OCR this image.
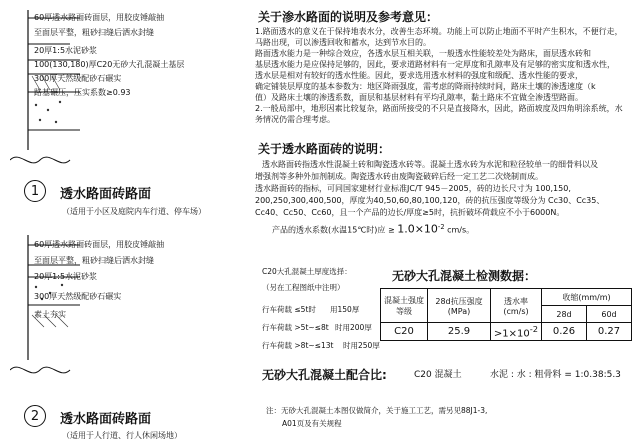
60厚透水路面砖面层，用胶皮锤敲抽
至面层平整，粗砂扫缝后洒水封缝
20厚1:5水泥砂浆
100(130,180)厚C20无砂大孔混凝土基层
300厚天然级配砂石碾实
路基碾压，压实系数≥0.93
1	透水路面砖路面
（适用于小区及庭院内车行道、停车场）
60厚透水路面砖面层，用胶皮锤敲抽
至面层平整，粗砂扫缝后洒水封缝
20厚1:5水泥砂浆
300厚天然级配砂石碾实
素土夯实
2	透水路面砖路面
（适用于人行道、行人休闲场地）
关于渗水路面的说明及参考意见：
1.路面透水的意义在于保持地表水分，改善生态环境。功能上可以防止地面不平时产生积水，不便行走，
马路出现，可以渗透回收和蓄水，达到节水目的。
路面透水能力是一种综合效应，各透水层互相关联，一般透水性能较差处为路床，面层透水砖和
基层透水能力是应保持足够的，因此，要求道路材料有一定厚度和孔隙率及有足够的密实度和透水性，
透水层是相对有较好的透水性能。因此，要求选用透水材料的强度和级配、透水性能的要求，
确定铺装层厚度的基本参数为：地区降雨强度，需考虑的降雨持续时间，路床土壤的渗透速度（k
值）及路床土壤的渗透系数，面层和基层材料有平均孔隙率，黏土路床不宜做全渗透型路面。
2.一般局部中，地形因素比较复杂，路面所接受的不只是直接降水，因此，路面坡度及四角明涂系统，水
务情况仍需合理考虑。
关于透水路面砖的说明：
透水路面砖指透水性混凝土砖和陶瓷透水砖等。混凝土透水砖为水泥和粒径较单一的细骨料以及
增强剂等多种外加剂制成。陶瓷透水砖由废陶瓷破碎后经一定工艺二次烧制而成。
透水路面砖的指标，可同国家建材行业标准JC/T 945－2005，砖的边长尺寸为 100,150,
200,250,300,400,500，厚度为40,50,60,80,100,120，砖的抗压强度等级分为 Cc30、Cc35、
Cc40、Cc50、Cc60，且一个产品的边长/厚度≥5时，抗折破坏荷载应不小于6000N。
产品的透水系数(水温15℃时)应 ≥ $1.0\times 10^{-2}$ cm/s。
C20大孔混凝土厚度选择：
（另在工程图纸中注明）
行车荷载 ≤5t时 用150厚
行车荷载 >5t~≤8t 时用200厚
行车荷载 >8t~≤13t 时用250厚
无砂大孔混凝土检测数据：
混凝土强度等级	28d抗压强度(MPa)	透水率(cm/s)	收缩(mm/m)	
			28d	60d
C20	25.9	$>1\times 10^{-2}$	0.26	0.27
无砂大孔混凝土配合比:	C20 混凝土	水泥 : 水 : 粗骨料 = 1:0.38:5.3
注：无砂大孔混凝土本图仅做简介，关于施工工艺，需另见88J1-3,
A01页及有关规程
